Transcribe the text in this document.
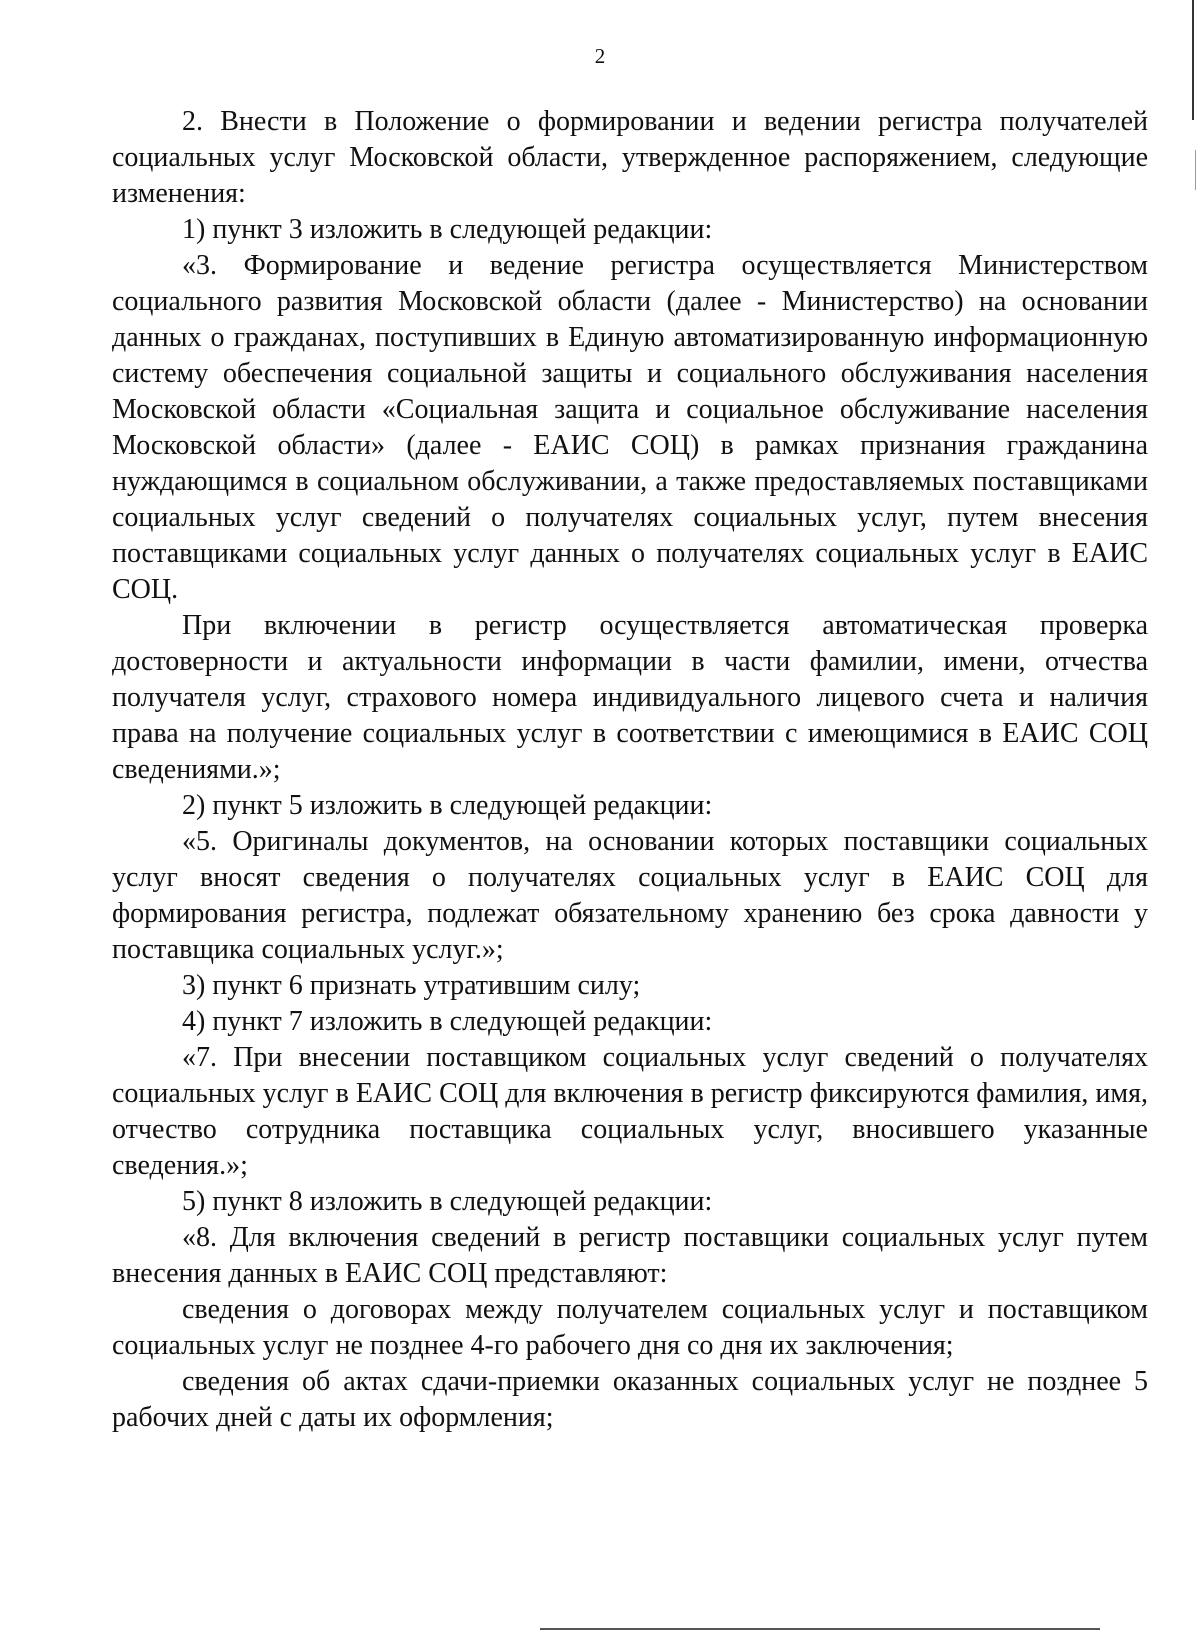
2

2. Внести в Положение о формировании и ведении регистра получателей социальных услуг Московской области, утвержденное распоряжением, следующие изменения:

1) пункт 3 изложить в следующей редакции:

«3. Формирование и ведение регистра осуществляется Министерством социального развития Московской области (далее - Министерство) на основании данных о гражданах, поступивших в Единую автоматизированную информационную систему обеспечения социальной защиты и социального обслуживания населения Московской области «Социальная защита и социальное обслуживание населения Московской области» (далее - ЕАИС СОЦ) в рамках признания гражданина нуждающимся в социальном обслуживании, а также предоставляемых поставщиками социальных услуг сведений о получателях социальных услуг, путем внесения поставщиками социальных услуг данных о получателях социальных услуг в ЕАИС СОЦ.

При включении в регистр осуществляется автоматическая проверка достоверности и актуальности информации в части фамилии, имени, отчества получателя услуг, страхового номера индивидуального лицевого счета и наличия права на получение социальных услуг в соответствии с имеющимися в ЕАИС СОЦ сведениями.»;

2) пункт 5 изложить в следующей редакции:

«5. Оригиналы документов, на основании которых поставщики социальных услуг вносят сведения о получателях социальных услуг в ЕАИС СОЦ для формирования регистра, подлежат обязательному хранению без срока давности у поставщика социальных услуг.»;

3) пункт 6 признать утратившим силу;

4) пункт 7 изложить в следующей редакции:

«7. При внесении поставщиком социальных услуг сведений о получателях социальных услуг в ЕАИС СОЦ для включения в регистр фиксируются фамилия, имя, отчество сотрудника поставщика социальных услуг, вносившего указанные сведения.»;

5) пункт 8 изложить в следующей редакции:

«8. Для включения сведений в регистр поставщики социальных услуг путем внесения данных в ЕАИС СОЦ представляют:

сведения о договорах между получателем социальных услуг и поставщиком социальных услуг не позднее 4-го рабочего дня со дня их заключения;

сведения об актах сдачи-приемки оказанных социальных услуг не позднее 5 рабочих дней с даты их оформления;
